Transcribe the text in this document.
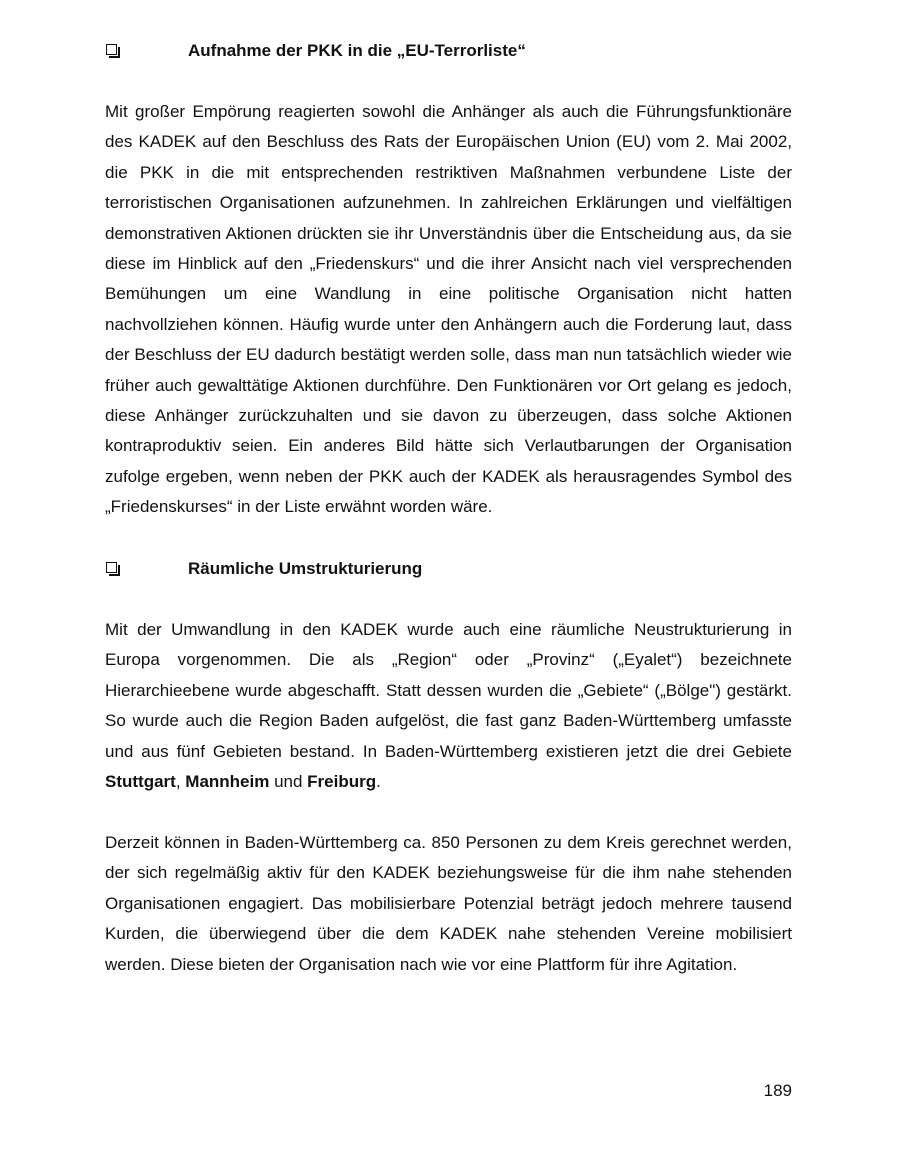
Aufnahme der PKK in die „EU-Terrorliste“

Mit großer Empörung reagierten sowohl die Anhänger als auch die Führungsfunktionäre des KADEK auf den Beschluss des Rats der Europäischen Union (EU) vom 2. Mai 2002, die PKK in die mit entsprechenden restriktiven Maßnahmen verbundene Liste der terroristischen Organisationen aufzunehmen. In zahlreichen Erklärungen und vielfältigen demonstrativen Aktionen drückten sie ihr Unverständnis über die Entscheidung aus, da sie diese im Hinblick auf den „Friedenskurs“ und die ihrer Ansicht nach viel versprechenden Bemühungen um eine Wandlung in eine politische Organisation nicht hatten nachvollziehen können. Häufig wurde unter den Anhängern auch die Forderung laut, dass der Beschluss der EU dadurch bestätigt werden solle, dass man nun tatsächlich wieder wie früher auch gewalttätige Aktionen durchführe. Den Funktionären vor Ort gelang es jedoch, diese Anhänger zurückzuhalten und sie davon zu überzeugen, dass solche Aktionen kontraproduktiv seien. Ein anderes Bild hätte sich Verlautbarungen der Organisation zufolge ergeben, wenn neben der PKK auch der KADEK als herausragendes Symbol des „Friedenskurses“ in der Liste erwähnt worden wäre.

Räumliche Umstrukturierung

Mit der Umwandlung in den KADEK wurde auch eine räumliche Neustrukturierung in Europa vorgenommen. Die als „Region“ oder „Provinz“ („Eyalet“) bezeichnete Hierarchieebene wurde abgeschafft. Statt dessen wurden die „Gebiete“ („Bölge") gestärkt. So wurde auch die Region Baden aufgelöst, die fast ganz Baden-Württemberg umfasste und aus fünf Gebieten bestand. In Baden-Württemberg existieren jetzt die drei Gebiete Stuttgart, Mannheim und Freiburg.

Derzeit können in Baden-Württemberg ca. 850 Personen zu dem Kreis gerechnet werden, der sich regelmäßig aktiv für den KADEK beziehungsweise für die ihm nahe stehenden Organisationen engagiert. Das mobilisierbare Potenzial beträgt jedoch mehrere tausend Kurden, die überwiegend über die dem KADEK nahe stehenden Vereine mobilisiert werden. Diese bieten der Organisation nach wie vor eine Plattform für ihre Agitation.

189
